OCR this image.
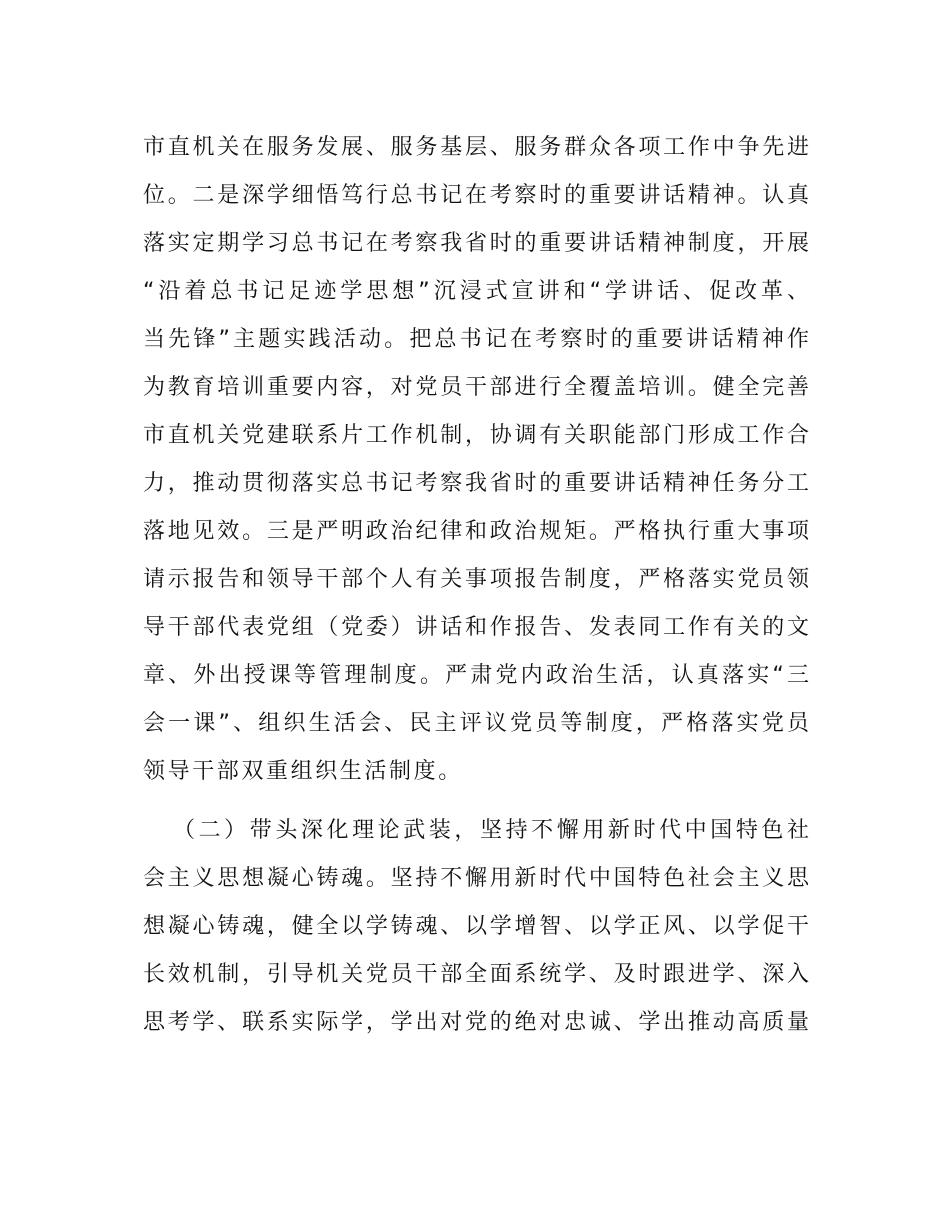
市直机关在服务发展、服务基层、服务群众各项工作中争先进
位。二是深学细悟笃行总书记在考察时的重要讲话精神。认真
落实定期学习总书记在考察我省时的重要讲话精神制度，开展
“沿着总书记足迹学思想”沉浸式宣讲和“学讲话、促改革、
当先锋”主题实践活动。把总书记在考察时的重要讲话精神作
为教育培训重要内容，对党员干部进行全覆盖培训。健全完善
市直机关党建联系片工作机制，协调有关职能部门形成工作合
力，推动贯彻落实总书记考察我省时的重要讲话精神任务分工
落地见效。三是严明政治纪律和政治规矩。严格执行重大事项
请示报告和领导干部个人有关事项报告制度，严格落实党员领
导干部代表党组（党委）讲话和作报告、发表同工作有关的文
章、外出授课等管理制度。严肃党内政治生活，认真落实“三
会一课”、组织生活会、民主评议党员等制度，严格落实党员
领导干部双重组织生活制度。
（二）带头深化理论武装，坚持不懈用新时代中国特色社
会主义思想凝心铸魂。坚持不懈用新时代中国特色社会主义思
想凝心铸魂，健全以学铸魂、以学增智、以学正风、以学促干
长效机制，引导机关党员干部全面系统学、及时跟进学、深入
思考学、联系实际学，学出对党的绝对忠诚、学出推动高质量
